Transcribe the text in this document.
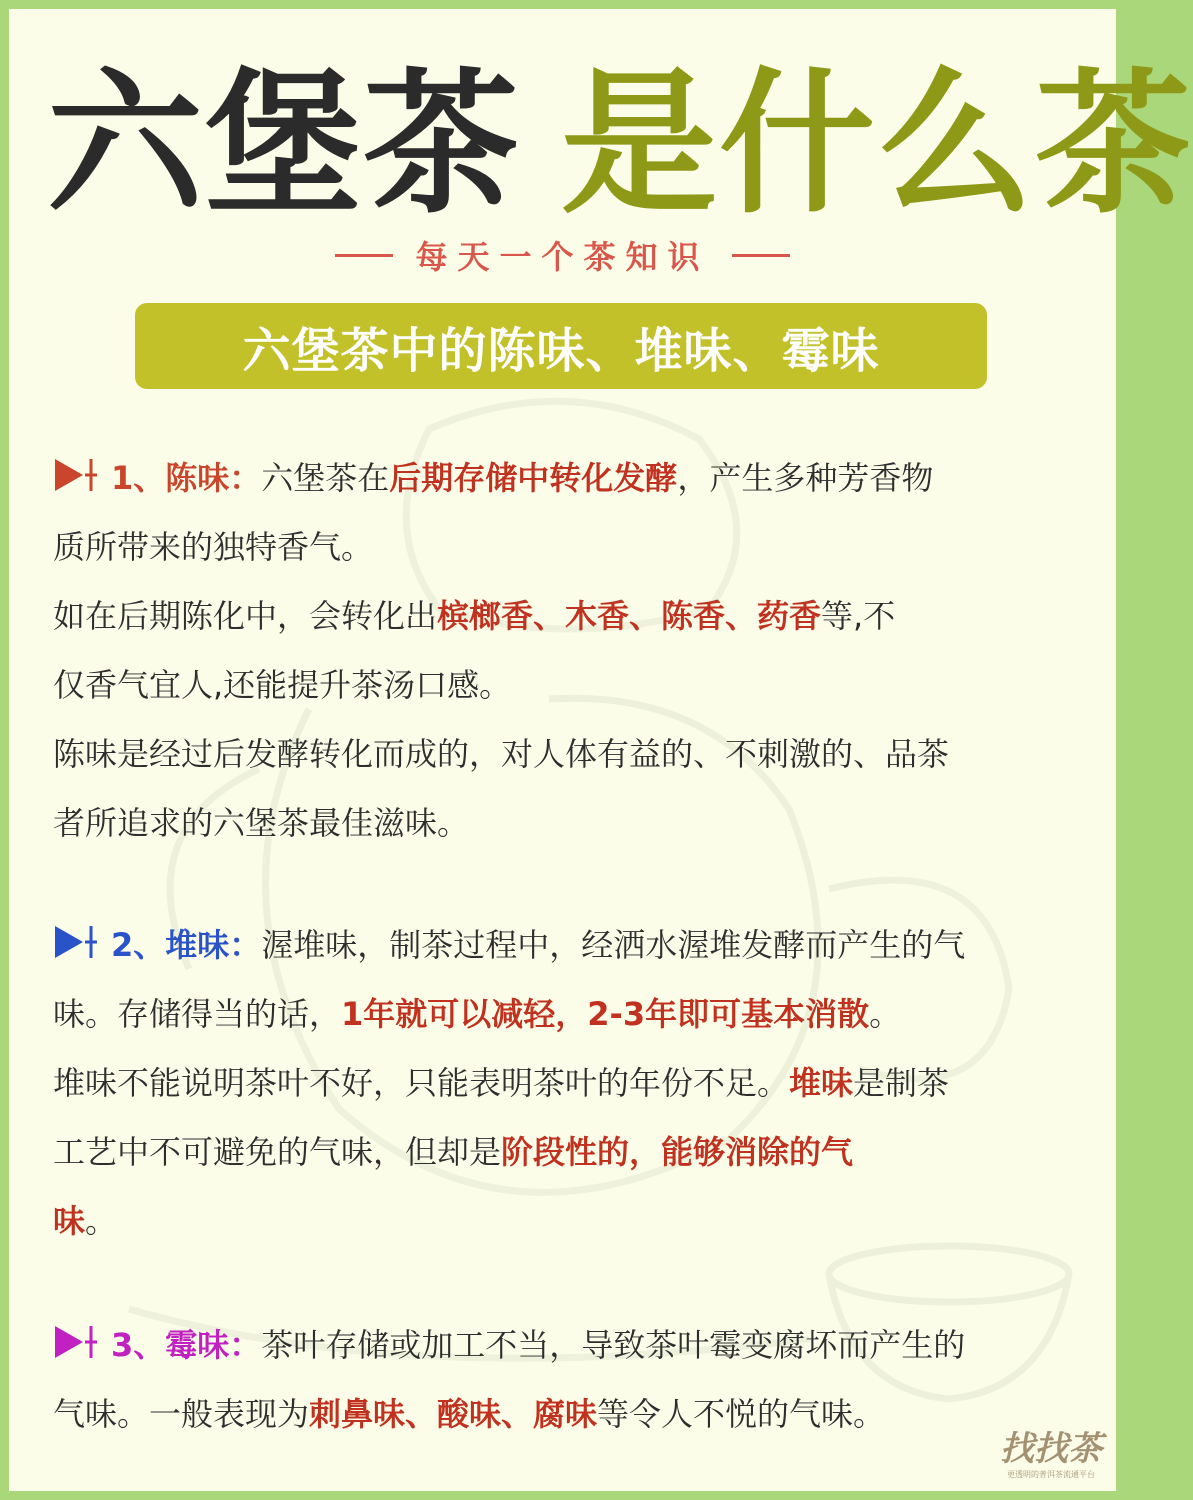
六堡茶 是什么茶
每天一个茶知识
六堡茶中的陈味、堆味、霉味

1、陈味：六堡茶在后期存储中转化发酵，产生多种芳香物

质所带来的独特香气。

如在后期陈化中，会转化出槟榔香、木香、陈香、药香等,不

仅香气宜人,还能提升茶汤口感。

陈味是经过后发酵转化而成的，对人体有益的、不刺激的、品茶

者所追求的六堡茶最佳滋味。

2、堆味：渥堆味，制茶过程中，经洒水渥堆发酵而产生的气

味。存储得当的话，1年就可以减轻，2-3年即可基本消散。

堆味不能说明茶叶不好，只能表明茶叶的年份不足。堆味是制茶

工艺中不可避免的气味，但却是阶段性的，能够消除的气

味。

3、霉味：茶叶存储或加工不当，导致茶叶霉变腐坏而产生的

气味。一般表现为刺鼻味、酸味、腐味等令人不悦的气味。

找找茶
更透明的普洱茶流通平台
